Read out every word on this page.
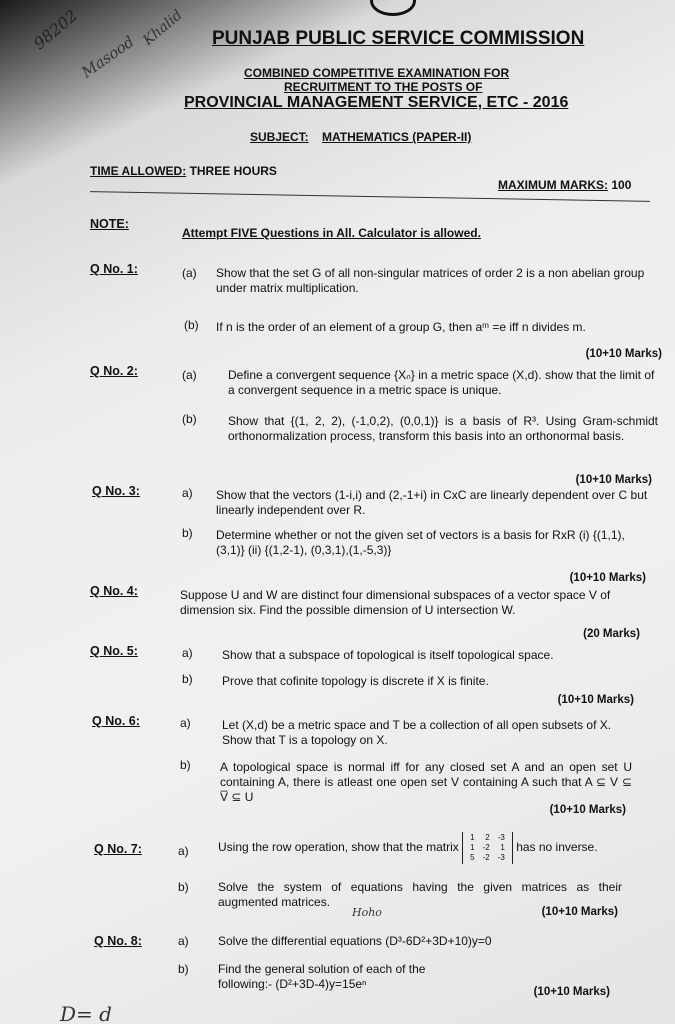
98202
Masood
Khalid PUNJAB PUBLIC SERVICE COMMISSION
COMBINED COMPETITIVE EXAMINATION FOR
RECRUITMENT TO THE POSTS OF
PROVINCIAL MANAGEMENT SERVICE, ETC - 2016
SUBJECT: MATHEMATICS (PAPER-II)
TIME ALLOWED: THREE HOURS
MAXIMUM MARKS: 100
NOTE:
Attempt FIVE Questions in All. Calculator is allowed.
Q No. 1:	(a) Show that the set G of all non-singular matrices of order 2 is a non abelian group under matrix multiplication.
(b) If n is the order of an element of a group G, then aᵐ =e iff n divides m.
(10+10 Marks)
Q No. 2:	(a)	Define a convergent sequence {Xₙ} in a metric space (X,d). show that the limit of a convergent sequence in a metric space is unique.
(b)	Show that {(1, 2, 2), (-1,0,2), (0,0,1)} is a basis of R³. Using Gram-schmidt orthonormalization process, transform this basis into an orthonormal basis.
(10+10 Marks)
Q No. 3:	a) Show that the vectors (1-i,i) and (2,-1+i) in CxC are linearly dependent over C but linearly independent over R.
b) Determine whether or not the given set of vectors is a basis for RxR (i) {(1,1),(3,1)} (ii) {(1,2-1), (0,3,1),(1,-5,3)}
(10+10 Marks)
Q No. 4:	Suppose U and W are distinct four dimensional subspaces of a vector space V of dimension six. Find the possible dimension of U intersection W.
(20 Marks)
Q No. 5:	a) Show that a subspace of topological is itself topological space.
b) Prove that cofinite topology is discrete if X is finite.
(10+10 Marks)
Q No. 6:	a)	Let (X,d) be a metric space and T be a collection of all open subsets of X. Show that T is a topology on X.
b) A topological space is normal iff for any closed set A and an open set U containing A, there is atleast one open set V containing A such that A ⊆ V ⊆ V̅ ⊆ U
(10+10 Marks)
Q No. 7:	a) Using the row operation, show that the matrix 1	2	-3
1	-2	1
5	-2	-3 has no inverse.
b) Solve the system of equations having the given matrices as their augmented matrices.
Hoho	(10+10 Marks)
Q No. 8:	a) Solve the differential equations (D³-6D²+3D+10)y=0
b) Find the general solution of each of the following:- (D²+3D-4)y=15eⁿ
(10+10 Marks)
D= d
